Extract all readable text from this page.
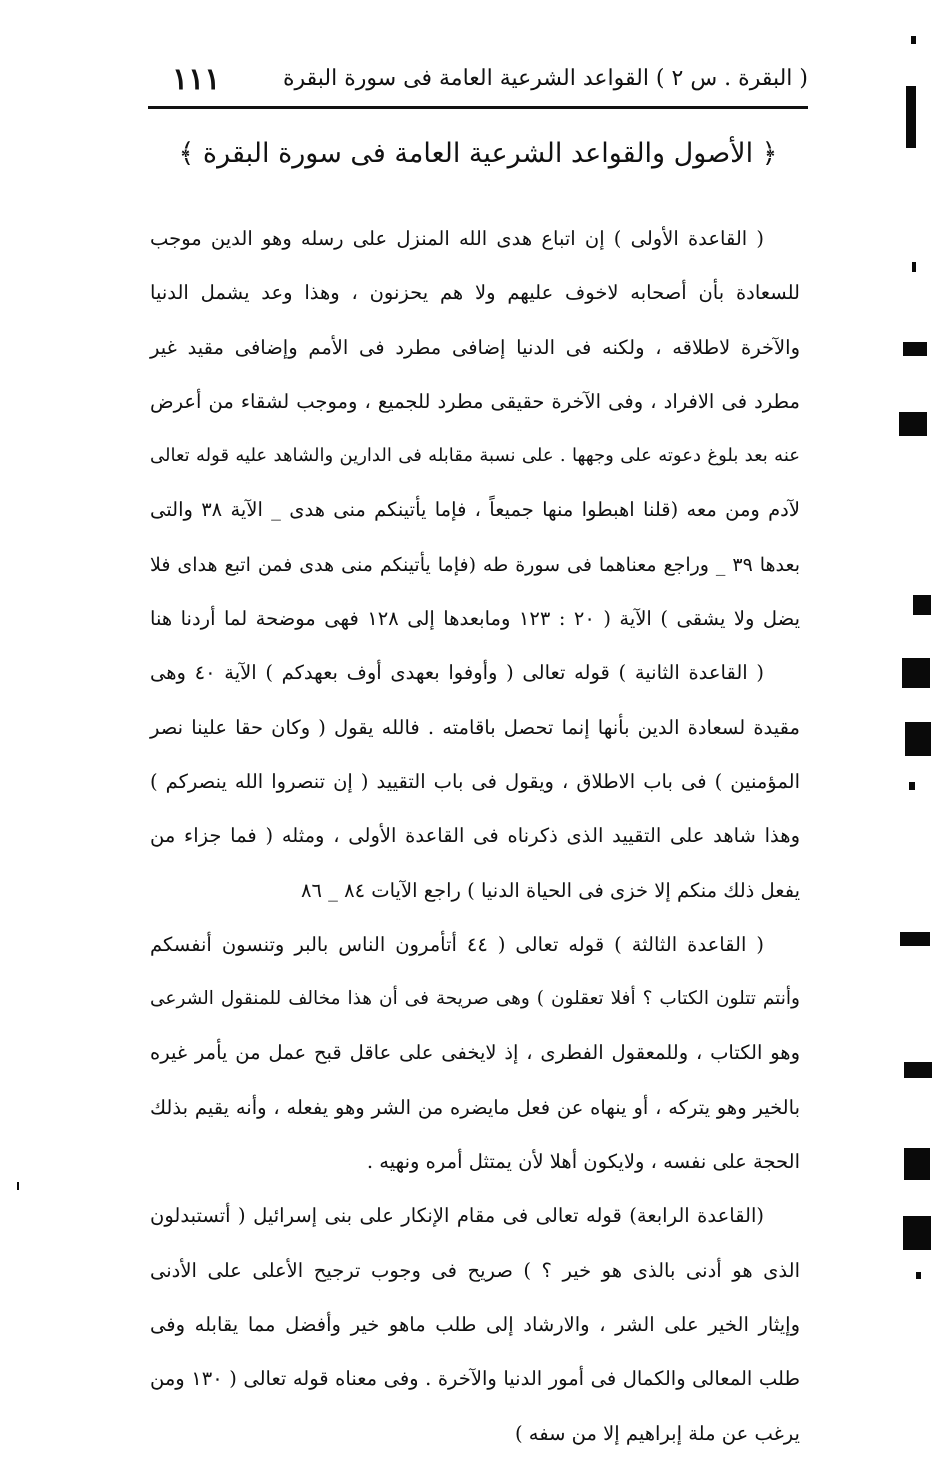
( البقرة . س ٢ ) القواعد الشرعية العامة فى سورة البقرة
١١١
﴿ الأصول والقواعد الشرعية العامة فى سورة البقرة ﴾
( القاعدة الأولى ) إن اتباع هدى الله المنزل على رسله وهو الدين موجب
للسعادة بأن أصحابه لاخوف عليهم ولا هم يحزنون ، وهذا وعد يشمل الدنيا
والآخرة لاطلاقه ، ولكنه فى الدنيا إضافى مطرد فى الأمم وإضافى مقيد غير
مطرد فى الافراد ، وفى الآخرة حقيقى مطرد للجميع ، وموجب لشقاء من أعرض
عنه بعد بلوغ دعوته على وجهها . على نسبة مقابله فى الدارين والشاهد عليه قوله تعالى
لآدم ومن معه (قلنا اهبطوا منها جميعاً ، فإما يأتينكم منى هدى _ الآية ٣٨ والتى
بعدها ٣٩ _ وراجع معناهما فى سورة طه (فإما يأتينكم منى هدى فمن اتبع هداى فلا
يضل ولا يشقى ) الآية ( ٢٠ : ١٢٣ ومابعدها إلى ١٢٨ فهى موضحة لما أردنا هنا
( القاعدة الثانية ) قوله تعالى ( وأوفوا بعهدى أوف بعهدكم ) الآية ٤٠ وهى
مقيدة لسعادة الدين بأنها إنما تحصل باقامته . فالله يقول ( وكان حقا علينا نصر
المؤمنين ) فى باب الاطلاق ، ويقول فى باب التقييد ( إن تنصروا الله ينصركم )
وهذا شاهد على التقييد الذى ذكرناه فى القاعدة الأولى ، ومثله ( فما جزاء من
يفعل ذلك منكم إلا خزى فى الحياة الدنيا ) راجع الآيات ٨٤ _ ٨٦
( القاعدة الثالثة ) قوله تعالى ( ٤٤ أتأمرون الناس بالبر وتنسون أنفسكم
وأنتم تتلون الكتاب ؟ أفلا تعقلون ) وهى صريحة فى أن هذا مخالف للمنقول الشرعى
وهو الكتاب ، وللمعقول الفطرى ، إذ لايخفى على عاقل قبح عمل من يأمر غيره
بالخير وهو يتركه ، أو ينهاه عن فعل مايضره من الشر وهو يفعله ، وأنه يقيم بذلك
الحجة على نفسه ، ولايكون أهلا لأن يمتثل أمره ونهيه .
(القاعدة الرابعة) قوله تعالى فى مقام الإنكار على بنى إسرائيل ( أتستبدلون
الذى هو أدنى بالذى هو خير ؟ ) صريح فى وجوب ترجيح الأعلى على الأدنى
وإيثار الخير على الشر ، والارشاد إلى طلب ماهو خير وأفضل مما يقابله وفى
طلب المعالى والكمال فى أمور الدنيا والآخرة . وفى معناه قوله تعالى ( ١٣٠ ومن
يرغب عن ملة إبراهيم إلا من سفه )
